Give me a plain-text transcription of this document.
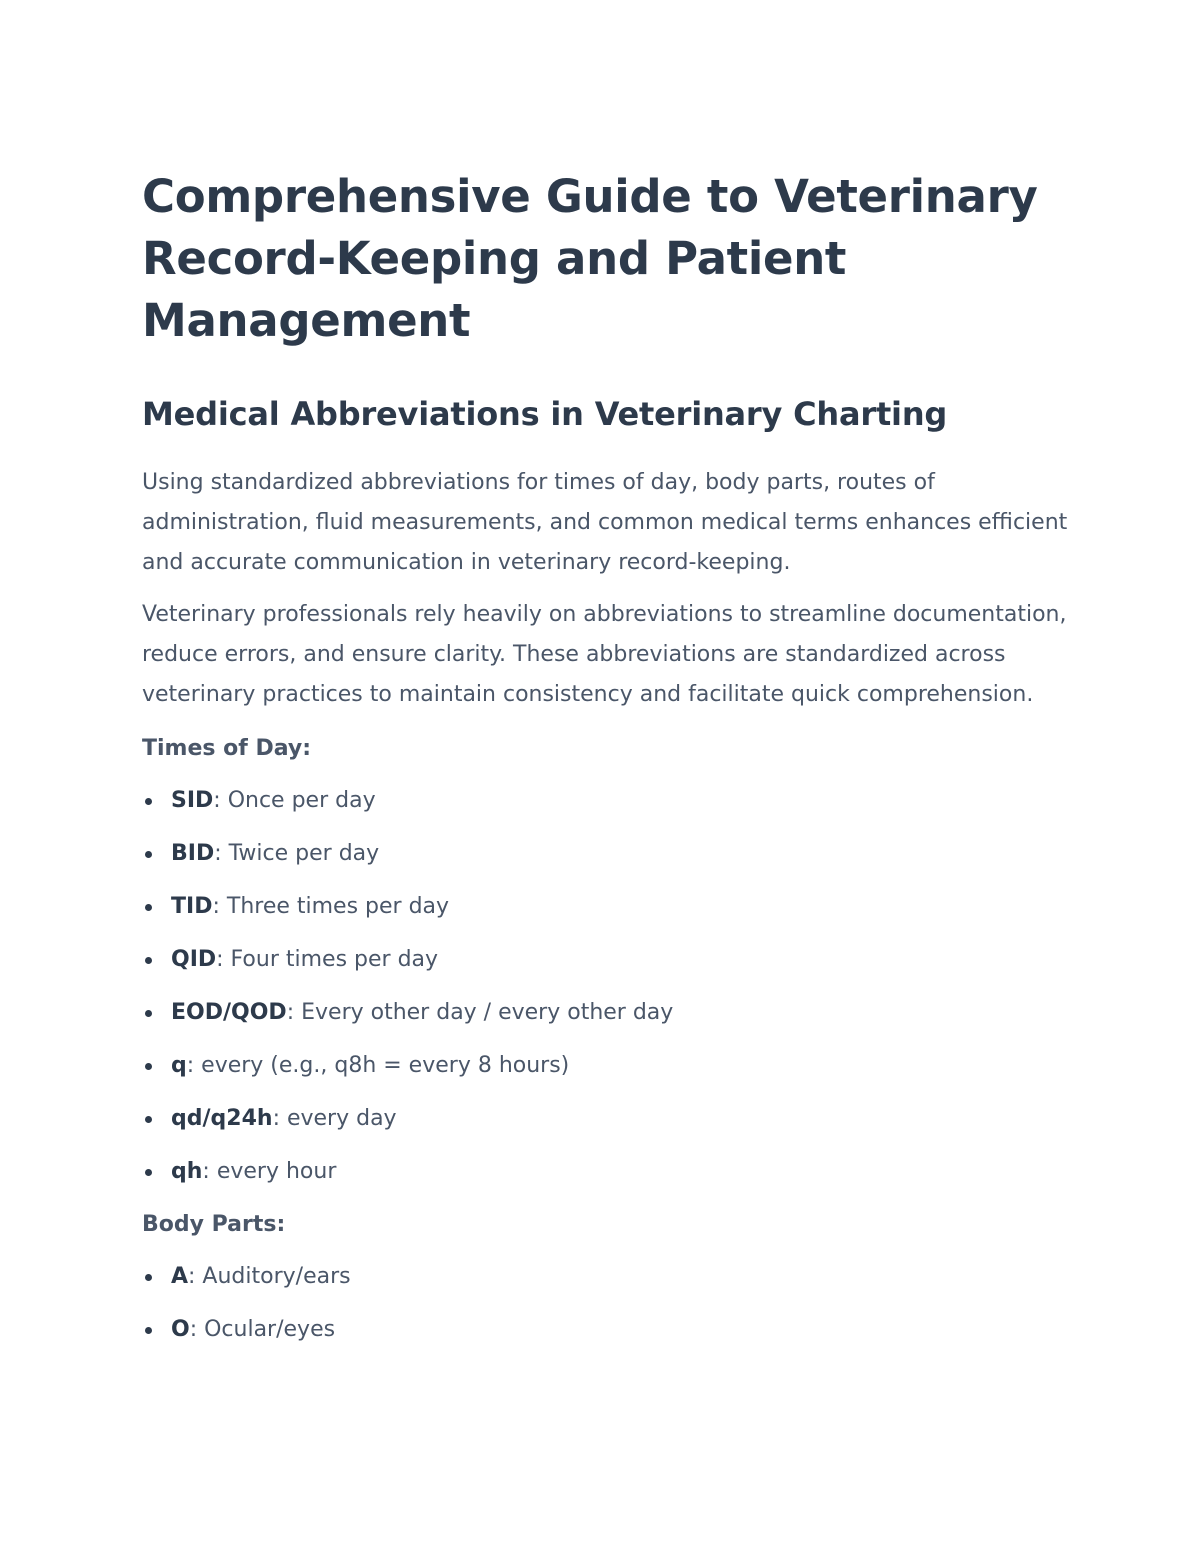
Comprehensive Guide to Veterinary Record-Keeping and Patient Management
Medical Abbreviations in Veterinary Charting

Using standardized abbreviations for times of day, body parts, routes of administration, fluid measurements, and common medical terms enhances efficient and accurate communication in veterinary record-keeping.

Veterinary professionals rely heavily on abbreviations to streamline documentation, reduce errors, and ensure clarity. These abbreviations are standardized across veterinary practices to maintain consistency and facilitate quick comprehension.

Times of Day:
SID: Once per day
BID: Twice per day
TID: Three times per day
QID: Four times per day
EOD/QOD: Every other day / every other day
q: every (e.g., q8h = every 8 hours)
qd/q24h: every day
qh: every hour
Body Parts:
A: Auditory/ears
O: Ocular/eyes
